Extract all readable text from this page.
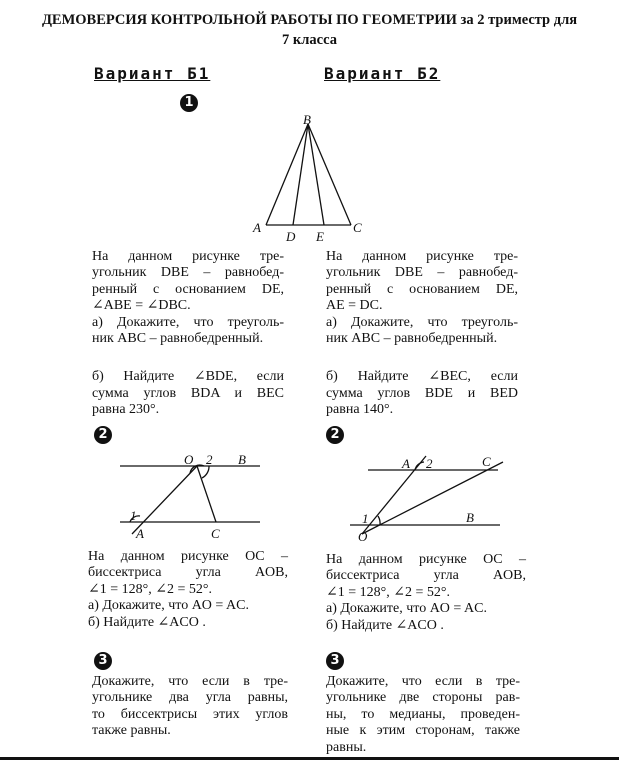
ДЕМОВЕРСИЯ КОНТРОЛЬНОЙ РАБОТЫ ПО ГЕОМЕТРИИ за 2 триместр для
7 класса
Вариант Б1	Вариант Б2
1
B
A
D E
C

На данном рисунке тре-

угольник DBE – равнобед-

ренный с основанием DE,

∠ABE = ∠DBC.

а) Докажите, что треуголь-

ник ABC – равнобедренный.

б) Найдите ∠BDE, если

сумма углов BDA и BEC

равна 230°.

На данном рисунке тре-

угольник DBE – равнобед-

ренный с основанием DE,

AE = DC.

а) Докажите, что треуголь-

ник ABC – равнобедренный.

б) Найдите ∠BEC, если

сумма углов BDE и BED

равна 140°.

2	2
O 2 B
1
A	C
A 2	C
1	B
O

На данном рисунке OC –

биссектриса угла AOB,

∠1 = 128°, ∠2 = 52°.

а) Докажите, что AO = AC.

б) Найдите ∠ACO .

На данном рисунке OC –

биссектриса угла AOB,

∠1 = 128°, ∠2 = 52°.

а) Докажите, что AO = AC.

б) Найдите ∠ACO .

3	3

Докажите, что если в тре-

угольнике два угла равны,

то биссектрисы этих углов

также равны.

Докажите, что если в тре-

угольнике две стороны рав-

ны, то медианы, проведен-

ные к этим сторонам, также

равны.
